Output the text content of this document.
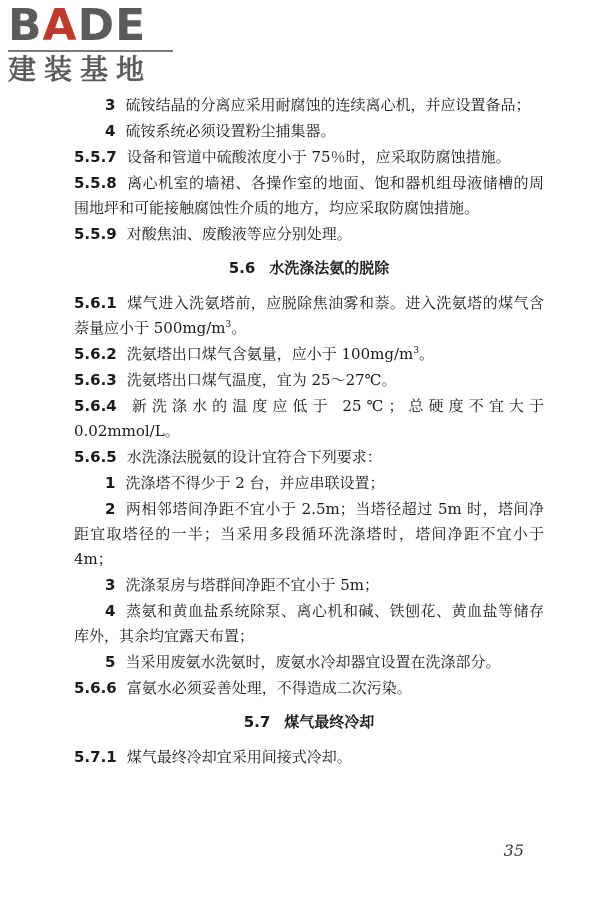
BADE
建装基地
3 硫铵结晶的分离应采用耐腐蚀的连续离心机，并应设置备品；
4 硫铵系统必须设置粉尘捕集器。
5.5.7 设备和管道中硫酸浓度小于 75％时，应采取防腐蚀措施。
5.5.8 离心机室的墙裙、各操作室的地面、饱和器机组母液储槽的周围地坪和可能接触腐蚀性介质的地方，均应采取防腐蚀措施。
5.5.9 对酸焦油、废酸液等应分别处理。
5.6 水洗涤法氨的脱除
5.6.1 煤气进入洗氨塔前，应脱除焦油雾和萘。进入洗氨塔的煤气含萘量应小于 $500mg/m^3$。
5.6.2 洗氨塔出口煤气含氨量，应小于 $100mg/m^3$。
5.6.3 洗氨塔出口煤气温度，宜为 25～27℃。
5.6.4 新洗涤水的温度应低于 25℃；总硬度不宜大于 0.02mmol/L。
5.6.5 水洗涤法脱氨的设计宜符合下列要求：
1 洗涤塔不得少于 2 台，并应串联设置；
2 两相邻塔间净距不宜小于 2.5m；当塔径超过 5m 时，塔间净距宜取塔径的一半；当采用多段循环洗涤塔时，塔间净距不宜小于 4m；
3 洗涤泵房与塔群间净距不宜小于 5m；
4 蒸氨和黄血盐系统除泵、离心机和碱、铁刨花、黄血盐等储存库外，其余均宜露天布置；
5 当采用废氨水洗氨时，废氨水冷却器宜设置在洗涤部分。
5.6.6 富氨水必须妥善处理，不得造成二次污染。
5.7 煤气最终冷却
5.7.1 煤气最终冷却宜采用间接式冷却。
35
